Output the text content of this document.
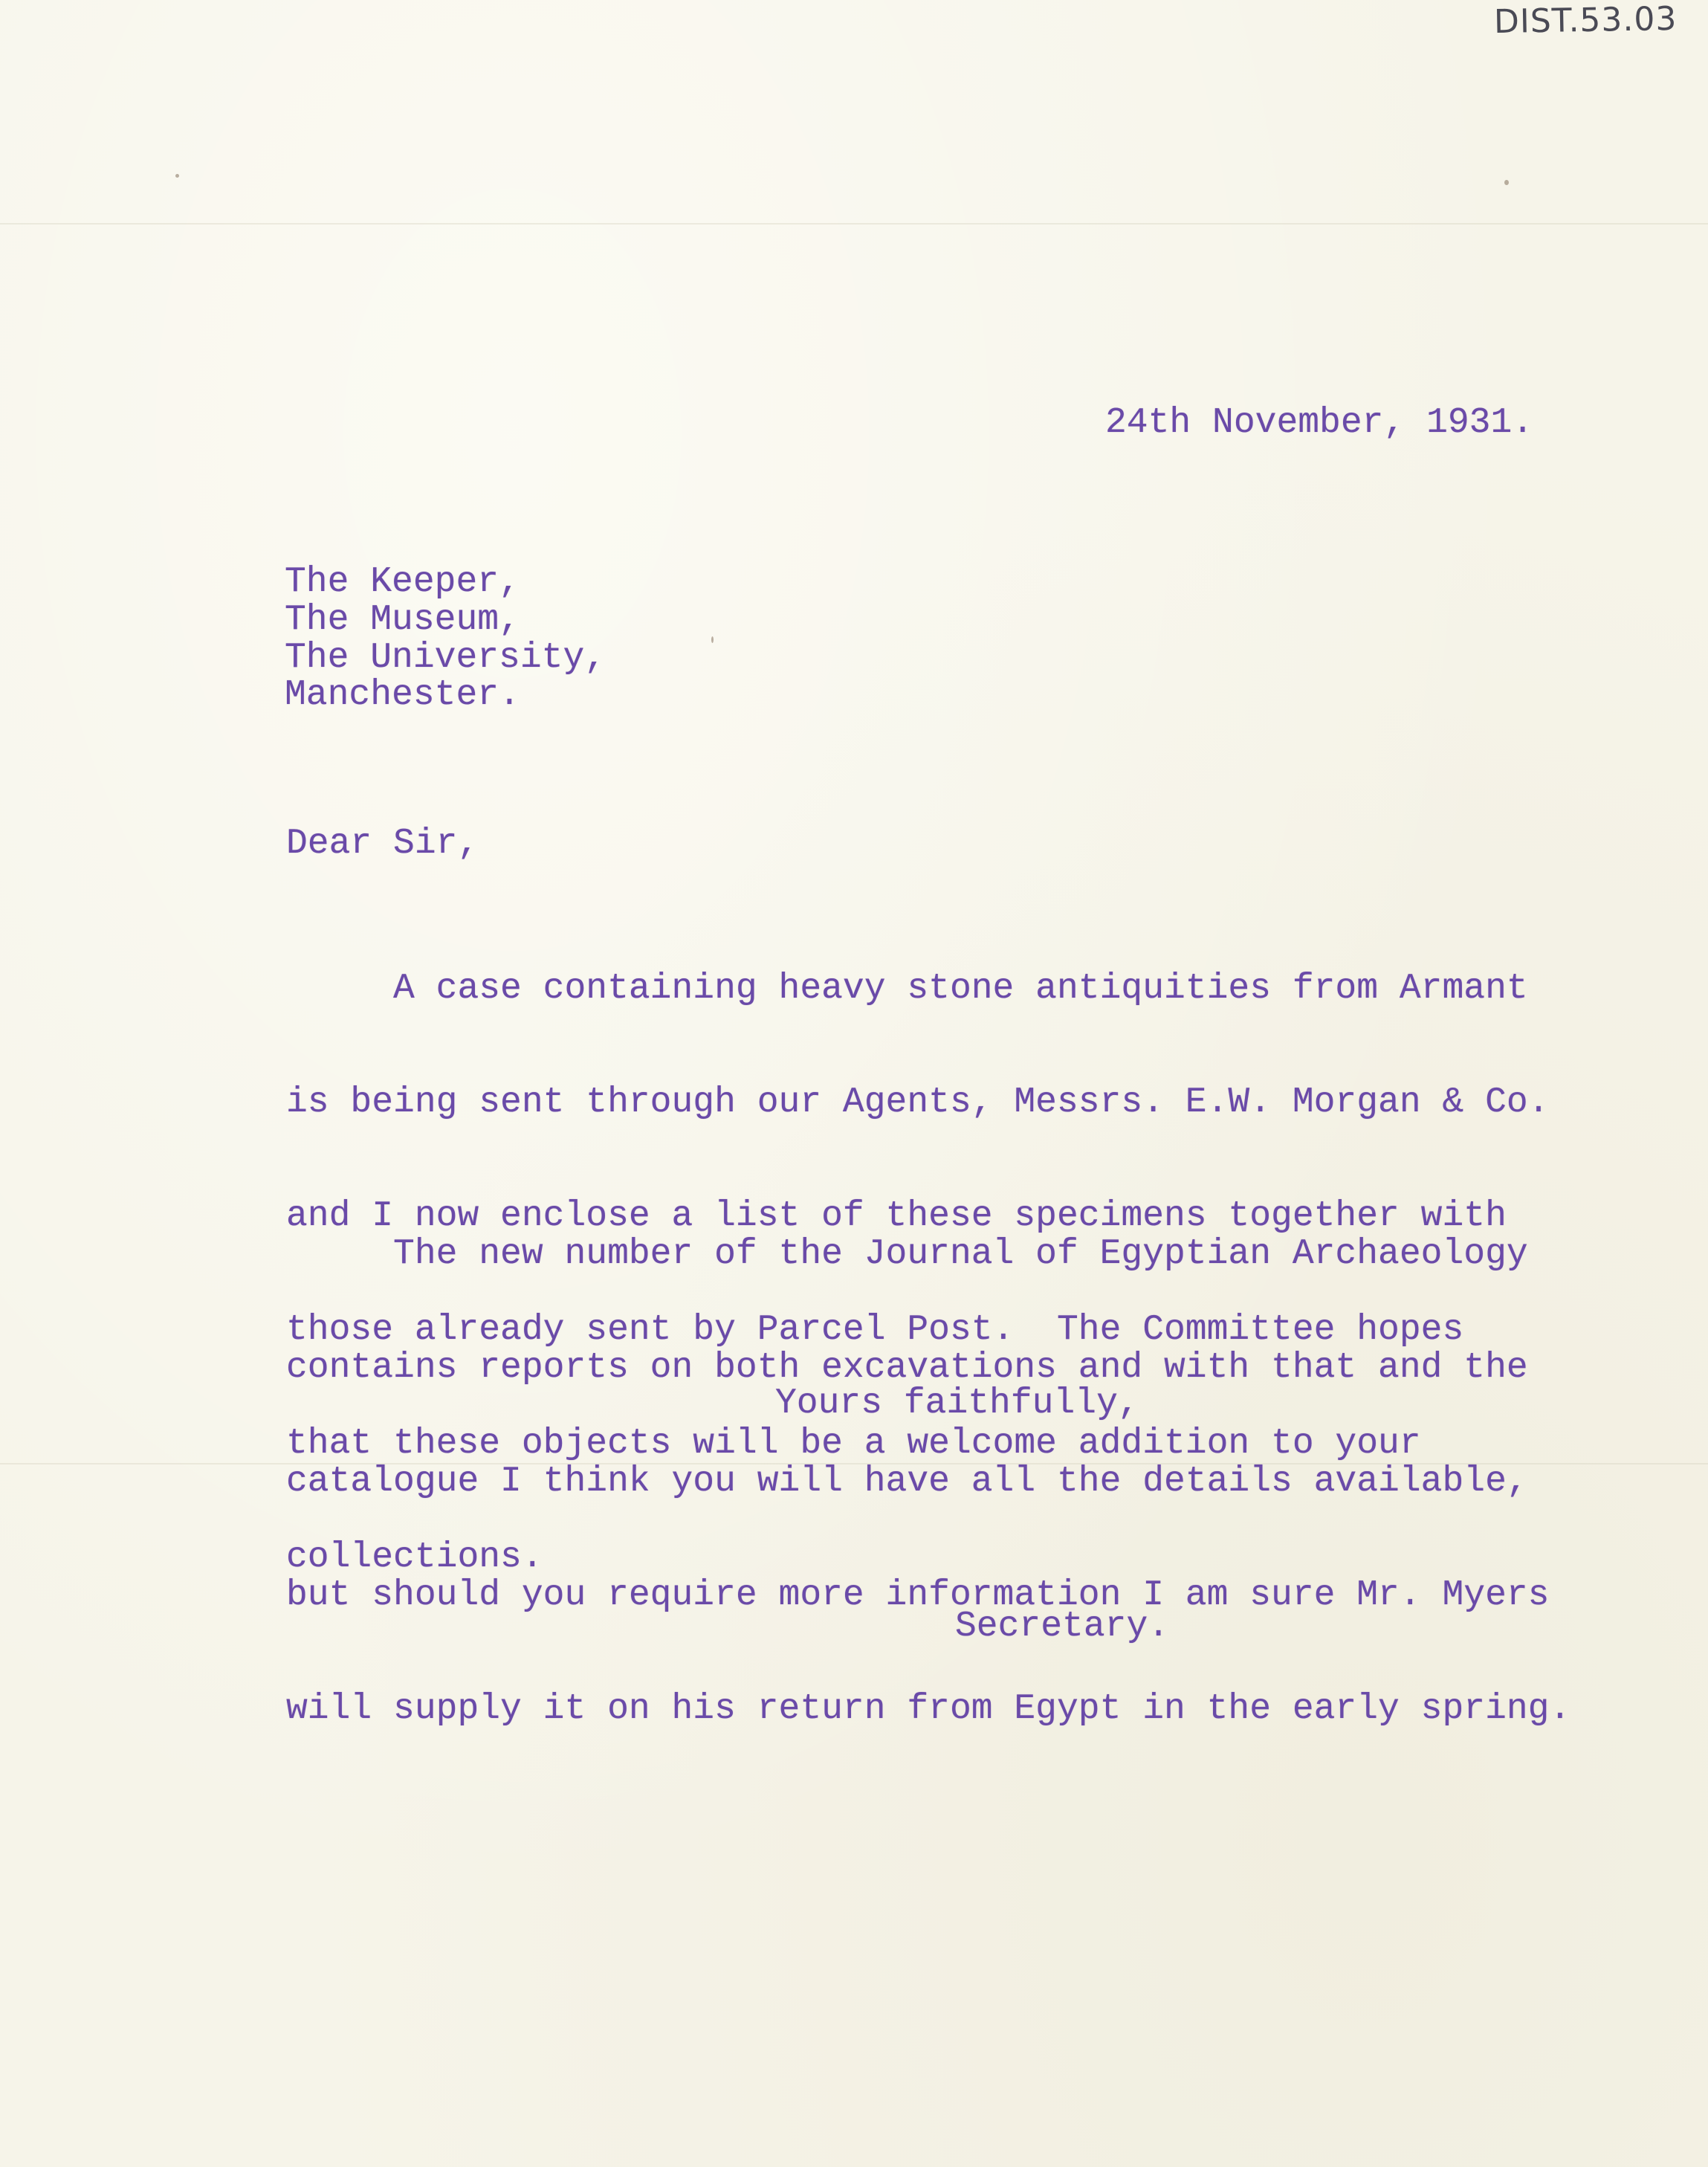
DIST.53.03
24th November, 1931.
The Keeper,
The Museum,
The University,
Manchester.
Dear Sir,

A case containing heavy stone antiquities from Armant

is being sent through our Agents, Messrs. E.W. Morgan & Co.

and I now enclose a list of these specimens together with

those already sent by Parcel Post.  The Committee hopes

that these objects will be a welcome addition to your

collections.

The new number of the Journal of Egyptian Archaeology

contains reports on both excavations and with that and the

catalogue I think you will have all the details available,

but should you require more information I am sure Mr. Myers

will supply it on his return from Egypt in the early spring.

Yours faithfully,
Secretary.
